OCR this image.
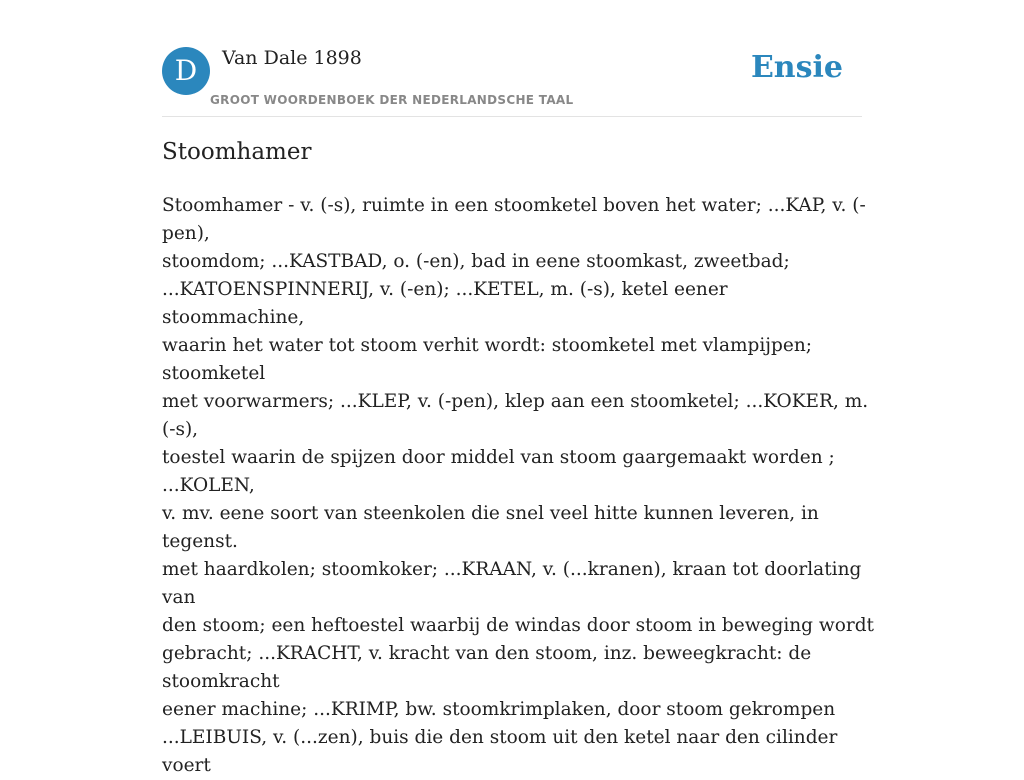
D	Van Dale 1898
GROOT WOORDENBOEK DER NEDERLANDSCHE TAAL
Ensie
Stoomhamer

Stoomhamer - v. (-s), ruimte in een stoomketel boven het water; ...KAP, v. (-pen),
stoomdom; ...KASTBAD, o. (-en), bad in eene stoomkast, zweetbad;
...KATOENSPINNERIJ, v. (-en); ...KETEL, m. (-s), ketel eener stoommachine,
waarin het water tot stoom verhit wordt: stoomketel met vlampijpen; stoomketel
met voorwarmers; ...KLEP, v. (-pen), klep aan een stoomketel; ...KOKER, m. (-s),
toestel waarin de spijzen door middel van stoom gaargemaakt worden ; ...KOLEN,
v. mv. eene soort van steenkolen die snel veel hitte kunnen leveren, in tegenst.
met haardkolen; stoomkoker; ...KRAAN, v. (...kranen), kraan tot doorlating van
den stoom; een heftoestel waarbij de windas door stoom in beweging wordt
gebracht; ...KRACHT, v. kracht van den stoom, inz. beweegkracht: de stoomkracht
eener machine; ...KRIMP, bw. stoomkrimplaken, door stoom gekrompen
...LEIBUIS, v. (...zen), buis die den stoom uit den ketel naar den cilinder voert
